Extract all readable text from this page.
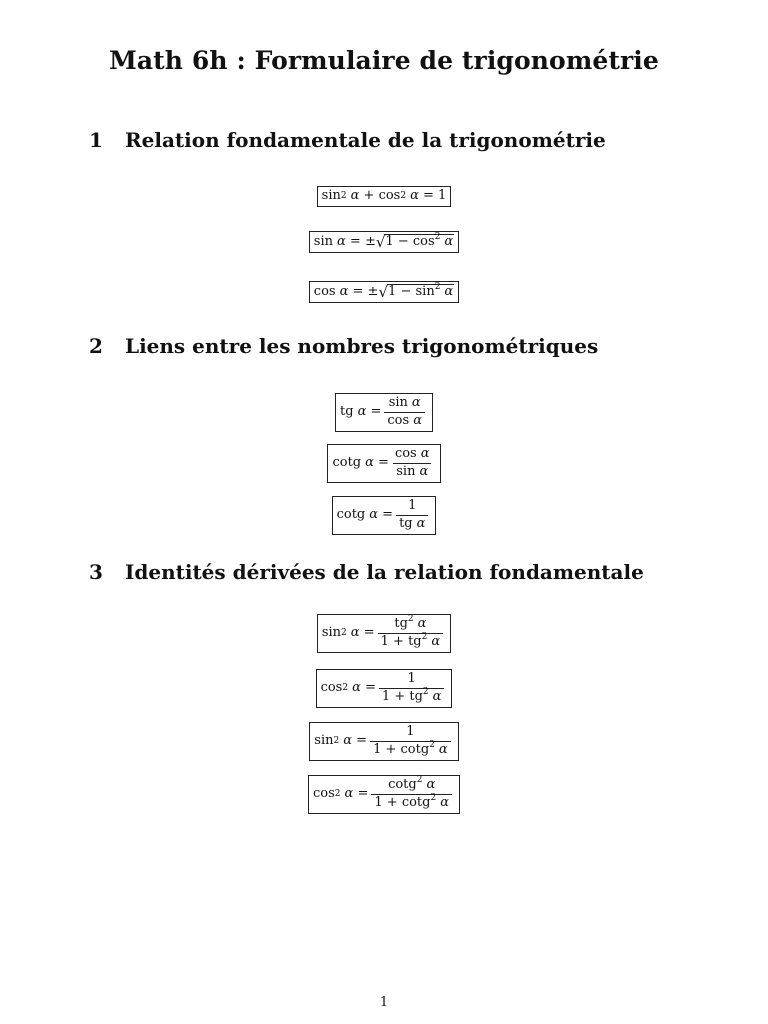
Math 6h : Formulaire de trigonométrie
1 Relation fondamentale de la trigonométrie
sin 2 α
+
cos 2 α
=
1
sin α
=
± √ $1 - \cos^2 \alpha$
cos α
=
± √ $1 - \sin^2 \alpha$
2 Liens entre les nombres trigonométriques
tg α
= $\frac{\text{sin α}}{\text{cos α}}$
cotg α
= $\frac{\text{cos α}}{\text{sin α}}$
cotg α
= $\frac{1}{\text{tg α}}$
3 Identités dérivées de la relation fondamentale
sin 2 α
= $\frac{tg^2 \alpha}{1 + tg^2 \alpha}$
cos 2 α
= $\frac{1}{1 + tg^2 \alpha}$
sin 2 α
= $\frac{1}{1 + \cot g^2 \alpha}$
cos 2 α
= $\frac{\cot g^2 \alpha}{1 + \cot g^2 \alpha}$
1
